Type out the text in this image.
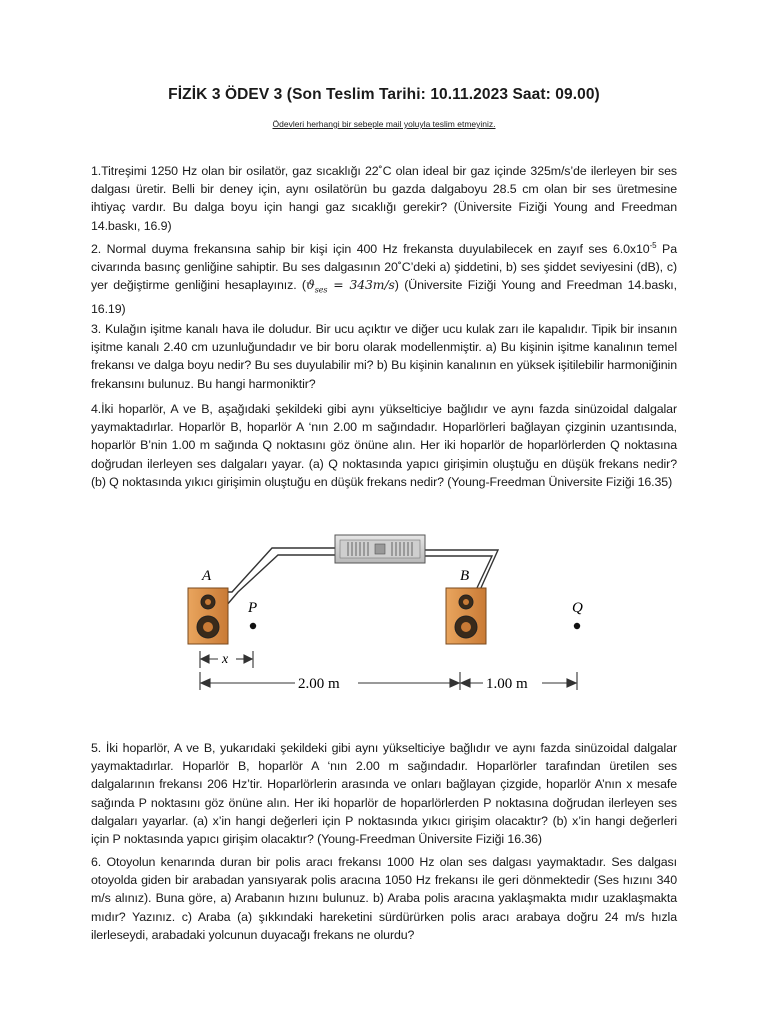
FİZİK 3 ÖDEV 3 (Son Teslim Tarihi: 10.11.2023 Saat: 09.00)
Ödevleri herhangi bir sebeple mail yoluyla teslim etmeyiniz.

1.Titreşimi 1250 Hz olan bir osilatör, gaz sıcaklığı 22˚C olan ideal bir gaz içinde 325m/s’de ilerleyen bir ses dalgası üretir. Belli bir deney için, aynı osilatörün bu gazda dalgaboyu 28.5 cm olan bir ses üretmesine ihtiyaç vardır. Bu dalga boyu için hangi gaz sıcaklığı gerekir? (Üniversite Fiziği Young and Freedman 14.baskı, 16.9)

2. Normal duyma frekansına sahip bir kişi için 400 Hz frekansta duyulabilecek en zayıf ses $6.0x10^{-5}$ Pa civarında basınç genliğine sahiptir. Bu ses dalgasının 20˚C’deki a) şiddetini, b) ses şiddet seviyesini (dB), c) yer değiştirme genliğini hesaplayınız. $(ϑ_{ses} = 343m/s)$ (Üniversite Fiziği Young and Freedman 14.baskı, 16.19)

3. Kulağın işitme kanalı hava ile doludur. Bir ucu açıktır ve diğer ucu kulak zarı ile kapalıdır. Tipik bir insanın işitme kanalı 2.40 cm uzunluğundadır ve bir boru olarak modellenmiştir. a) Bu kişinin işitme kanalının temel frekansı ve dalga boyu nedir? Bu ses duyulabilir mi? b) Bu kişinin kanalının en yüksek işitilebilir harmoniğinin frekansını bulunuz. Bu hangi harmoniktir?

4.İki hoparlör, A ve B, aşağıdaki şekildeki gibi aynı yükselticiye bağlıdır ve aynı fazda sinüzoidal dalgalar yaymaktadırlar. Hoparlör B, hoparlör A ‘nın 2.00 m sağındadır. Hoparlörleri bağlayan çizginin uzantısında, hoparlör B’nin 1.00 m sağında Q noktasını göz önüne alın. Her iki hoparlör de hoparlörlerden Q noktasına doğrudan ilerleyen ses dalgaları yayar. (a) Q noktasında yapıcı girişimin oluştuğu en düşük frekans nedir? (b) Q noktasında yıkıcı girişimin oluştuğu en düşük frekans nedir? (Young-Freedman Üniversite Fiziği 16.35)

A	B
P	Q
x
2.00 m	1.00 m

5. İki hoparlör, A ve B, yukarıdaki şekildeki gibi aynı yükselticiye bağlıdır ve aynı fazda sinüzoidal dalgalar yaymaktadırlar. Hoparlör B, hoparlör A ‘nın 2.00 m sağındadır. Hoparlörler tarafından üretilen ses dalgalarının frekansı 206 Hz’tir. Hoparlörlerin arasında ve onları bağlayan çizgide, hoparlör A’nın x mesafe sağında P noktasını göz önüne alın. Her iki hoparlör de hoparlörlerden P noktasına doğrudan ilerleyen ses dalgaları yayarlar. (a) x’in hangi değerleri için P noktasında yıkıcı girişim olacaktır? (b) x’in hangi değerleri için P noktasında yapıcı girişim olacaktır? (Young-Freedman Üniversite Fiziği 16.36)

6. Otoyolun kenarında duran bir polis aracı frekansı 1000 Hz olan ses dalgası yaymaktadır. Ses dalgası otoyolda giden bir arabadan yansıyarak polis aracına 1050 Hz frekansı ile geri dönmektedir (Ses hızını 340 m/s alınız). Buna göre, a) Arabanın hızını bulunuz. b) Araba polis aracına yaklaşmakta mıdır uzaklaşmakta mıdır? Yazınız. c) Araba (a) şıkkındaki hareketini sürdürürken polis aracı arabaya doğru 24 m/s hızla ilerleseydi, arabadaki yolcunun duyacağı frekans ne olurdu?
